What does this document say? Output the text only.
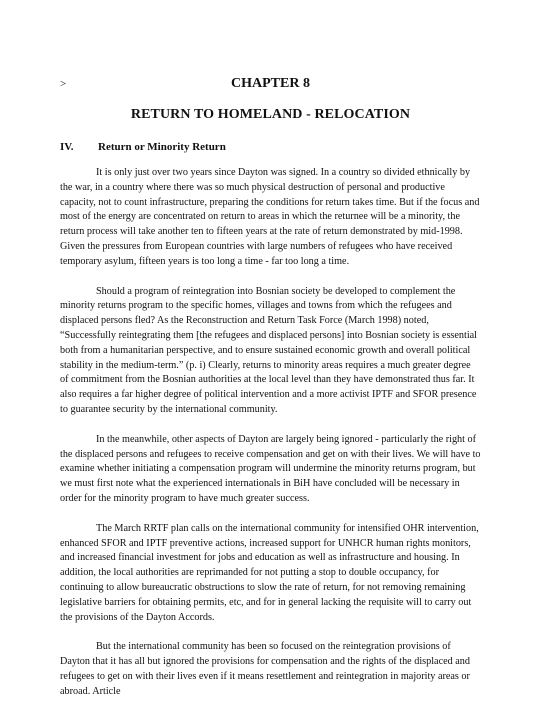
>	CHAPTER 8
RETURN TO HOMELAND - RELOCATION
IV. Return or Minority Return

It is only just over two years since Dayton was signed. In a country so divided ethnically by the war, in a country where there was so much physical destruction of personal and productive capacity, not to count infrastructure, preparing the conditions for return takes time. But if the focus and most of the energy are concentrated on return to areas in which the returnee will be a minority, the return process will take another ten to fifteen years at the rate of return demonstrated by mid-1998. Given the pressures from European countries with large numbers of refugees who have received temporary asylum, fifteen years is too long a time - far too long a time.

Should a program of reintegration into Bosnian society be developed to complement the minority returns program to the specific homes, villages and towns from which the refugees and displaced persons fled? As the Reconstruction and Return Task Force (March 1998) noted, “Successfully reintegrating them [the refugees and displaced persons] into Bosnian society is essential both from a humanitarian perspective, and to ensure sustained economic growth and overall political stability in the medium-term.” (p. i) Clearly, returns to minority areas requires a much greater degree of commitment from the Bosnian authorities at the local level than they have demonstrated thus far. It also requires a far higher degree of political intervention and a more activist IPTF and SFOR presence to guarantee security by the international community.

In the meanwhile, other aspects of Dayton are largely being ignored - particularly the right of the displaced persons and refugees to receive compensation and get on with their lives. We will have to examine whether initiating a compensation program will undermine the minority returns program, but we must first note what the experienced internationals in BiH have concluded will be necessary in order for the minority program to have much greater success.

The March RRTF plan calls on the international community for intensified OHR intervention, enhanced SFOR and IPTF preventive actions, increased support for UNHCR human rights monitors, and increased financial investment for jobs and education as well as infrastructure and housing. In addition, the local authorities are reprimanded for not putting a stop to double occupancy, for continuing to allow bureaucratic obstructions to slow the rate of return, for not removing remaining legislative barriers for obtaining permits, etc, and for in general lacking the requisite will to carry out the provisions of the Dayton Accords.

But the international community has been so focused on the reintegration provisions of Dayton that it has all but ignored the provisions for compensation and the rights of the displaced and refugees to get on with their lives even if it means resettlement and reintegration in majority areas or abroad. Article
